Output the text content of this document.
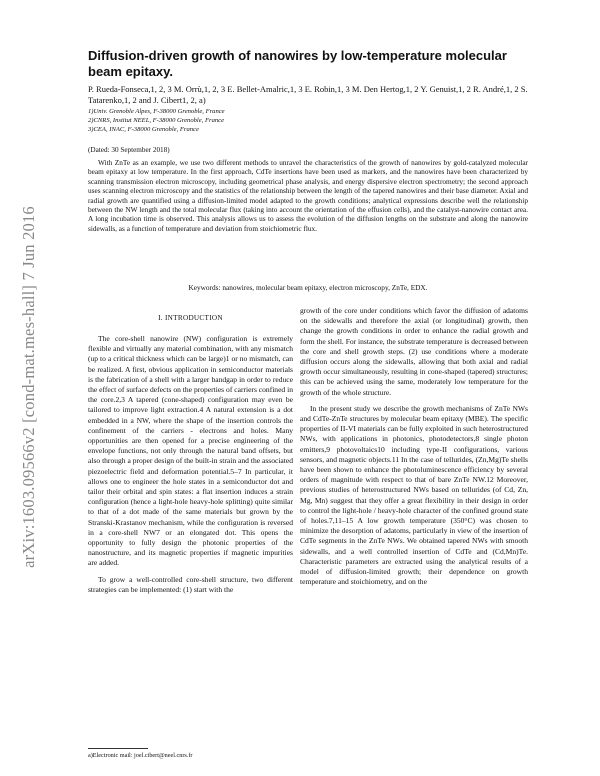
arXiv:1603.09566v2 [cond-mat.mes-hall] 7 Jun 2016
Diffusion-driven growth of nanowires by low-temperature molecular beam epitaxy.
P. Rueda-Fonseca,1, 2, 3 M. Orrù,1, 2, 3 E. Bellet-Amalric,1, 3 E. Robin,1, 3 M. Den Hertog,1, 2 Y. Genuist,1, 2 R. André,1, 2 S. Tatarenko,1, 2 and J. Cibert1, 2, a)
1)Univ. Grenoble Alpes, F-38000 Grenoble, France
2)CNRS, Institut NEEL, F-38000 Grenoble, France
3)CEA, INAC, F-38000 Grenoble, France
(Dated: 30 September 2018)

With ZnTe as an example, we use two different methods to unravel the characteristics of the growth of nanowires by gold-catalyzed molecular beam epitaxy at low temperature. In the first approach, CdTe insertions have been used as markers, and the nanowires have been characterized by scanning transmission electron microscopy, including geometrical phase analysis, and energy dispersive electron spectrometry; the second approach uses scanning electron microscopy and the statistics of the relationship between the length of the tapered nanowires and their base diameter. Axial and radial growth are quantified using a diffusion-limited model adapted to the growth conditions; analytical expressions describe well the relationship between the NW length and the total molecular flux (taking into account the orientation of the effusion cells), and the catalyst-nanowire contact area. A long incubation time is observed. This analysis allows us to assess the evolution of the diffusion lengths on the substrate and along the nanowire sidewalls, as a function of temperature and deviation from stoichiometric flux.

Keywords: nanowires, molecular beam epitaxy, electron microscopy, ZnTe, EDX.
I. INTRODUCTION

The core-shell nanowire (NW) configuration is extremely flexible and virtually any material combination, with any mismatch (up to a critical thickness which can be large)1 or no mismatch, can be realized. A first, obvious application in semiconductor materials is the fabrication of a shell with a larger bandgap in order to reduce the effect of surface defects on the properties of carriers confined in the core.2,3 A tapered (cone-shaped) configuration may even be tailored to improve light extraction.4 A natural extension is a dot embedded in a NW, where the shape of the insertion controls the confinement of the carriers - electrons and holes. Many opportunities are then opened for a precise engineering of the envelope functions, not only through the natural band offsets, but also through a proper design of the built-in strain and the associated piezoelectric field and deformation potential.5–7 In particular, it allows one to engineer the hole states in a semiconductor dot and tailor their orbital and spin states: a flat insertion induces a strain configuration (hence a light-hole heavy-hole splitting) quite similar to that of a dot made of the same materials but grown by the Stranski-Krastanov mechanism, while the configuration is reversed in a core-shell NW7 or an elongated dot. This opens the opportunity to fully design the photonic properties of the nanostructure, and its magnetic properties if magnetic impurities are added.

To grow a well-controlled core-shell structure, two different strategies can be implemented: (1) start with the

growth of the core under conditions which favor the diffusion of adatoms on the sidewalls and therefore the axial (or longitudinal) growth, then change the growth conditions in order to enhance the radial growth and form the shell. For instance, the substrate temperature is decreased between the core and shell growth steps. (2) use conditions where a moderate diffusion occurs along the sidewalls, allowing that both axial and radial growth occur simultaneously, resulting in cone-shaped (tapered) structures; this can be achieved using the same, moderately low temperature for the growth of the whole structure.

In the present study we describe the growth mechanisms of ZnTe NWs and CdTe-ZnTe structures by molecular beam epitaxy (MBE). The specific properties of II-VI materials can be fully exploited in such heterostructured NWs, with applications in photonics, photodetectors,8 single photon emitters,9 photovoltaics10 including type-II configurations, various sensors, and magnetic objects.11 In the case of tellurides, (Zn,Mg)Te shells have been shown to enhance the photoluminescence efficiency by several orders of magnitude with respect to that of bare ZnTe NW.12 Moreover, previous studies of heterostructured NWs based on tellurides (of Cd, Zn, Mg, Mn) suggest that they offer a great flexibility in their design in order to control the light-hole / heavy-hole character of the confined ground state of holes.7,11–15 A low growth temperature (350°C) was chosen to minimize the desorption of adatoms, particularly in view of the insertion of CdTe segments in the ZnTe NWs. We obtained tapered NWs with smooth sidewalls, and a well controlled insertion of CdTe and (Cd,Mn)Te. Characteristic parameters are extracted using the analytical results of a model of diffusion-limited growth; their dependence on growth temperature and stoichiometry, and on the

a)Electronic mail: joel.cibert@neel.cnrs.fr
